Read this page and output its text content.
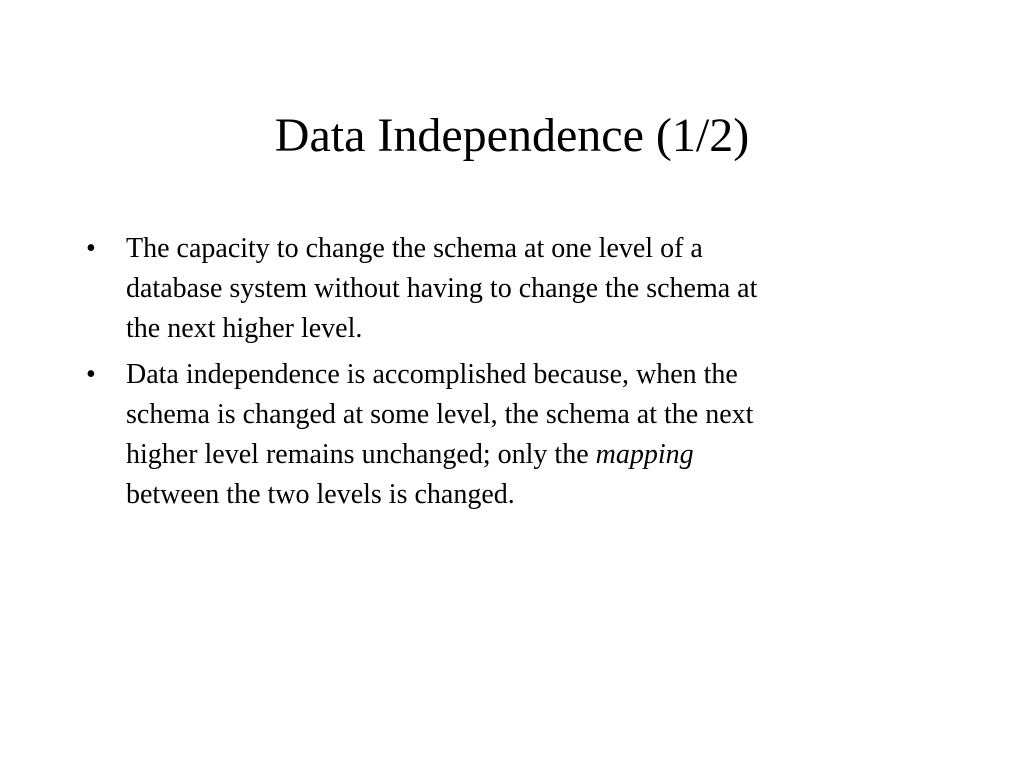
Data Independence (1/2)
• The capacity to change the schema at one level of a
database system without having to change the schema at
the next higher level.
• Data independence is accomplished because, when the
schema is changed at some level, the schema at the next
higher level remains unchanged; only the mapping
between the two levels is changed.
